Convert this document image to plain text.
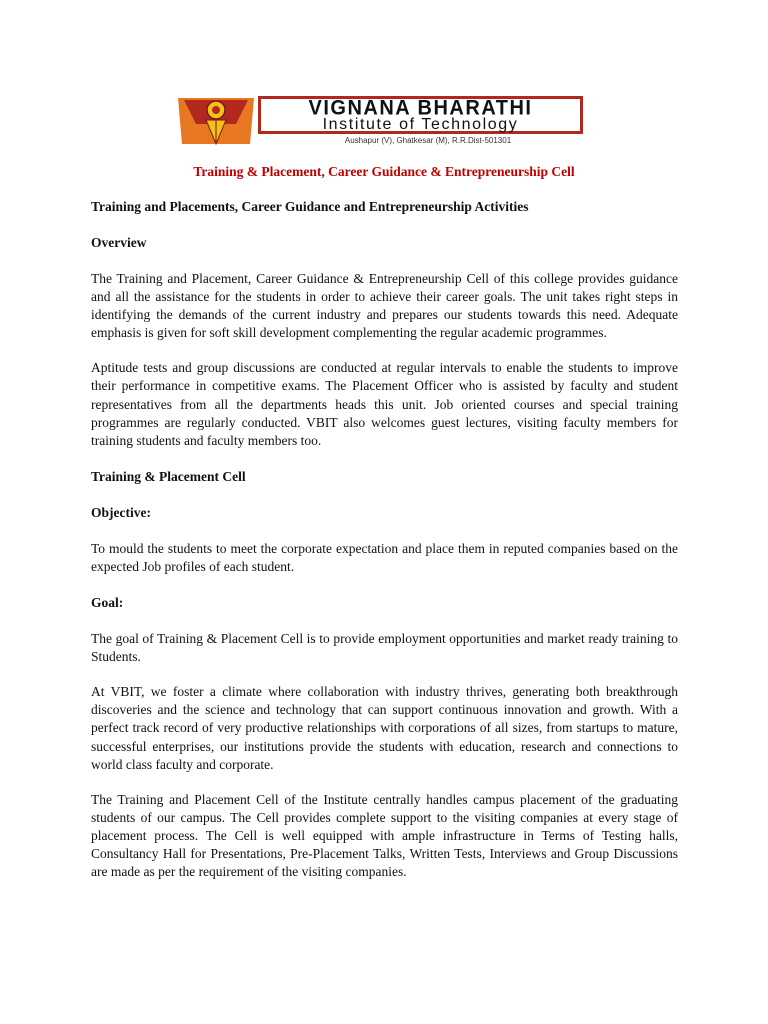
VIGNANA BHARATHI
Institute of Technology
Aushapur (V), Ghatkesar (M), R.R.Dist-501301
Training & Placement, Career Guidance & Entrepreneurship Cell

Training and Placements, Career Guidance and Entrepreneurship Activities

Overview

The Training and Placement, Career Guidance & Entrepreneurship Cell of this college provides guidance and all the assistance for the students in order to achieve their career goals. The unit takes right steps in identifying the demands of the current industry and prepares our students towards this need. Adequate emphasis is given for soft skill development complementing the regular academic programmes.

Aptitude tests and group discussions are conducted at regular intervals to enable the students to improve their performance in competitive exams. The Placement Officer who is assisted by faculty and student representatives from all the departments heads this unit. Job oriented courses and special training programmes are regularly conducted. VBIT also welcomes guest lectures, visiting faculty members for training students and faculty members too.

Training & Placement Cell

Objective:

To mould the students to meet the corporate expectation and place them in reputed companies based on the expected Job profiles of each student.

Goal:

The goal of Training & Placement Cell is to provide employment opportunities and market ready training to Students.

At VBIT, we foster a climate where collaboration with industry thrives, generating both breakthrough discoveries and the science and technology that can support continuous innovation and growth. With a perfect track record of very productive relationships with corporations of all sizes, from startups to mature, successful enterprises, our institutions provide the students with education, research and connections to world class faculty and corporate.

The Training and Placement Cell of the Institute centrally handles campus placement of the graduating students of our campus. The Cell provides complete support to the visiting companies at every stage of placement process. The Cell is well equipped with ample infrastructure in Terms of Testing halls, Consultancy Hall for Presentations, Pre-Placement Talks, Written Tests, Interviews and Group Discussions are made as per the requirement of the visiting companies.
